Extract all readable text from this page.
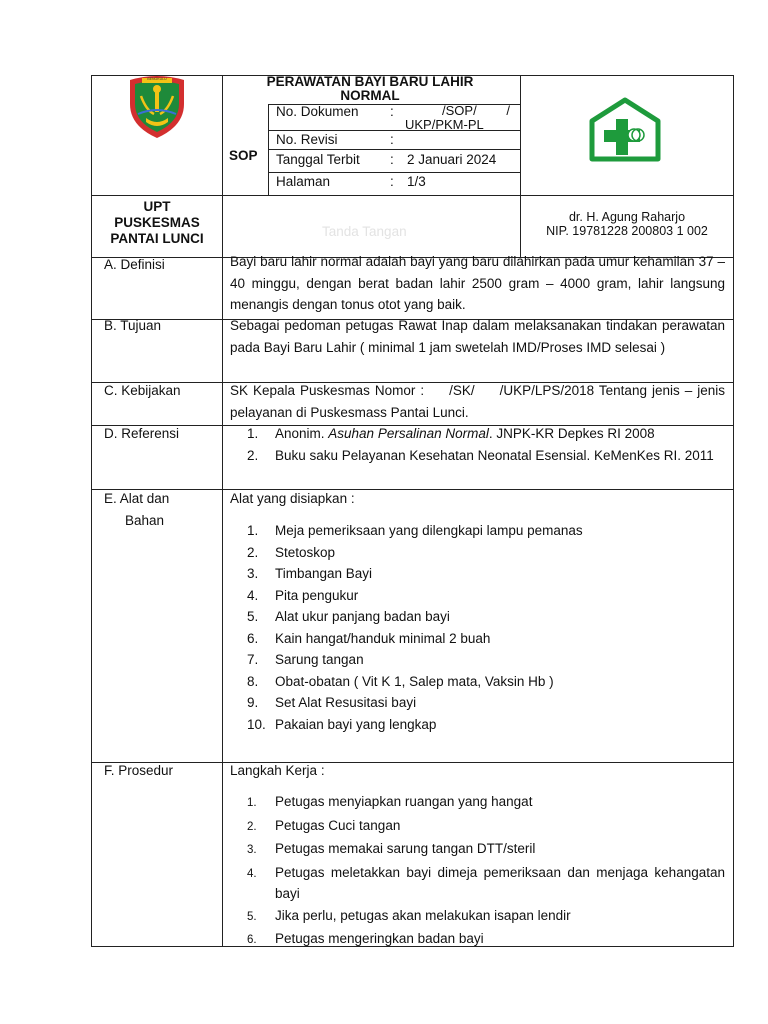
BENGKULU	PERAWATAN BAYI BARU LAHIR NORMAL
SOP
No. Dokumen :	/SOP/ /
UKP/PKM-PL
No. Revisi	:
Tanggal Terbit : 2 Januari 2024
Halaman	: 1/3
UPT
PUSKESMAS
PANTAI LUNCI	Tanda Tangan
dr. H. Agung Raharjo
NIP. 19781228 200803 1 002
A. Definisi	Bayi baru lahir normal adalah bayi yang baru dilahirkan pada umur kehamilan 37 – 40 minggu, dengan berat badan lahir 2500 gram – 4000 gram, lahir langsung menangis dengan tonus otot yang baik.
B. Tujuan	Sebagai pedoman petugas Rawat Inap dalam melaksanakan tindakan perawatan pada Bayi Baru Lahir ( minimal 1 jam swetelah IMD/Proses IMD selesai )
C. Kebijakan	SK Kepala Puskesmas Nomor :     /SK/     /UKP/LPS/2018 Tentang jenis – jenis pelayanan di Puskesmass Pantai Lunci.
D. Referensi	1.	Anonim. Asuhan Persalinan Normal. JNPK-KR Depkes RI 2008
2.	Buku saku Pelayanan Kesehatan Neonatal Esensial. KeMenKes RI. 2011
E. Alat dan
Bahan
Alat yang disiapkan :
1.	Meja pemeriksaan yang dilengkapi lampu pemanas
2.	Stetoskop
3.	Timbangan Bayi
4.	Pita pengukur
5.	Alat ukur panjang badan bayi
6.	Kain hangat/handuk minimal 2 buah
7.	Sarung tangan
8.	Obat-obatan ( Vit K 1, Salep mata, Vaksin Hb )
9.	Set Alat Resusitasi bayi
10. Pakaian bayi yang lengkap
F. Prosedur	Langkah Kerja :
1.	Petugas menyiapkan ruangan yang hangat
2.	Petugas Cuci tangan
3.	Petugas memakai sarung tangan DTT/steril
4.	Petugas meletakkan bayi dimeja pemeriksaan dan menjaga kehangatan bayi
5.	Jika perlu, petugas akan melakukan isapan lendir
6.	Petugas mengeringkan badan bayi
